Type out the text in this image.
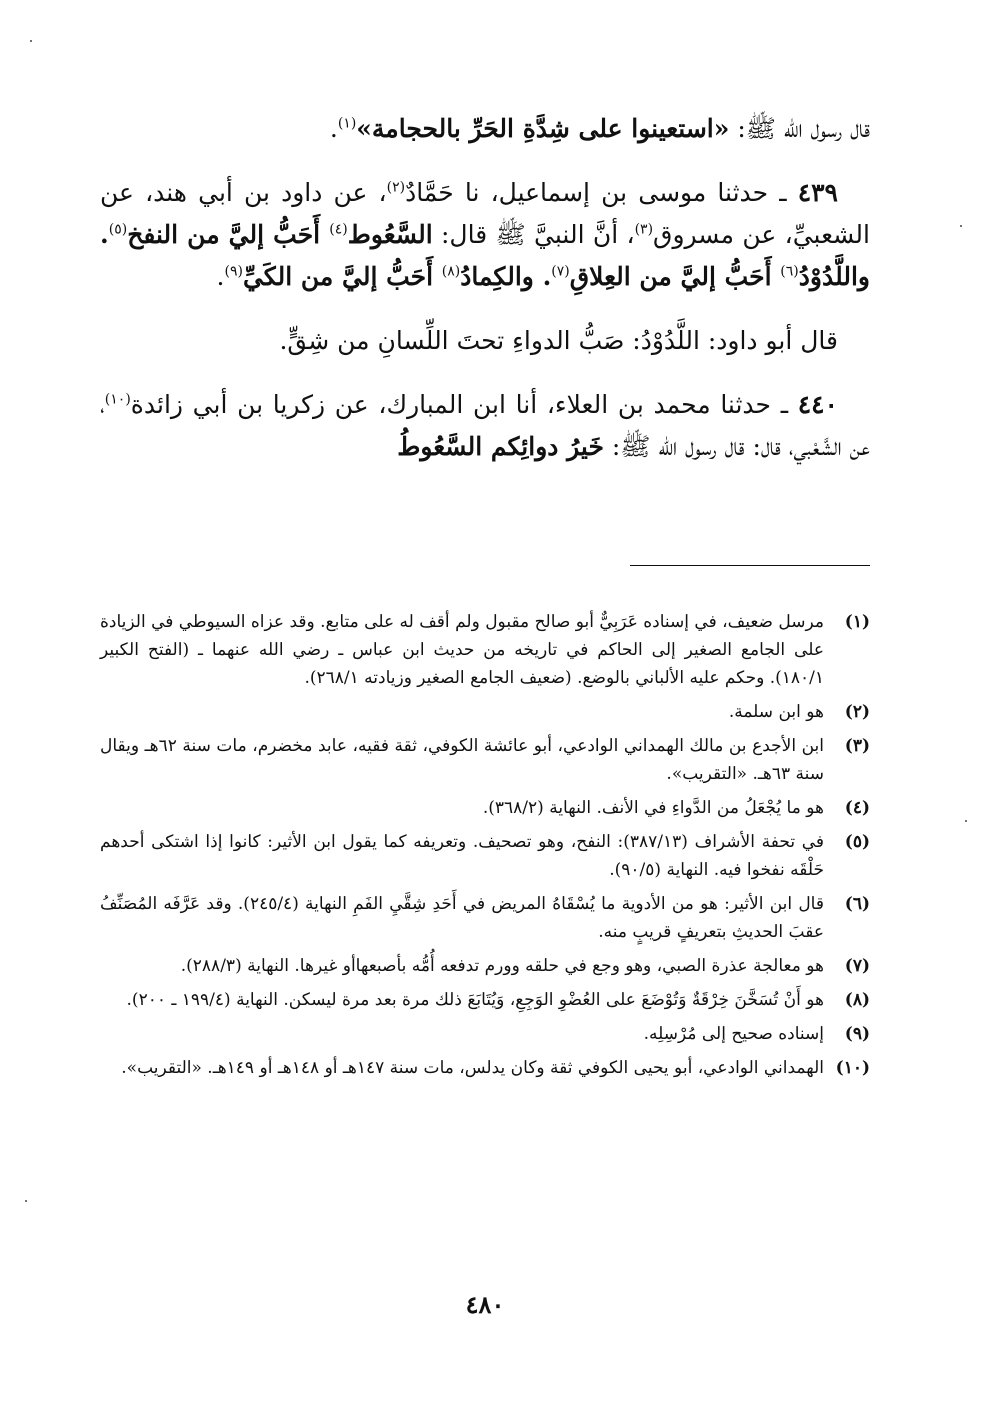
قال رسول الله ﷺ: «استعينوا على شِدَّةِ الحَرِّ بالحجامة»$^{(١)}$.

٤٣٩ ـ حدثنا موسى بن إسماعيل، نا حَمَّادٌ$^{(٢)}$، عن داود بن أبي هند، عن الشعبيِّ، عن مسروق$^{(٣)}$، أنَّ النبيَّ ﷺ قال: السَّعُوط$^{(٤)}$ أَحَبُّ إليَّ من النفخ$^{(٥)}$. واللَّدُوْدُ$^{(٦)}$ أَحَبُّ إليَّ من العِلاقِ$^{(٧)}$. والكِمادُ$^{(٨)}$ أَحَبُّ إليَّ من الكَيِّ$^{(٩)}$.

قال أبو داود: اللَّدُوْدُ: صَبُّ الدواءِ تحتَ اللِّسانِ من شِقٍّ.

٤٤٠ ـ حدثنا محمد بن العلاء، أنا ابن المبارك، عن زكريا بن أبي زائدة$^{(١٠)}$، عن الشَّعْبي، قال: قال رسول الله ﷺ: خَيرُ دوائِكم السَّعُوطُ

(١)
مرسل ضعيف، في إسناده عَرَبِيٌّ أبو صالح مقبول ولم أقف له على متابع. وقد عزاه السيوطي في الزيادة على الجامع الصغير إلى الحاكم في تاريخه من حديث ابن عباس ـ رضي الله عنهما ـ (الفتح الكبير ١٨٠/١). وحكم عليه الألباني بالوضع. (ضعيف الجامع الصغير وزيادته ٢٦٨/١).
(٢)
هو ابن سلمة.
(٣)
ابن الأجدع بن مالك الهمداني الوادعي، أبو عائشة الكوفي، ثقة فقيه، عابد مخضرم، مات سنة ٦٢هـ ويقال سنة ٦٣هـ. «التقريب».
(٤)
هو ما يُجْعَلُ من الدَّواءِ في الأنف. النهاية (٣٦٨/٢).
(٥)
في تحفة الأشراف (٣٨٧/١٣): النفح، وهو تصحيف. وتعريفه كما يقول ابن الأثير: كانوا إذا اشتكى أحدهم حَلْقَه نفخوا فيه. النهاية (٩٠/٥).
(٦)
قال ابن الأثير: هو من الأدوية ما يُسْقَاهُ المريض في أَحَدِ شِقَّيِ الفَمِ النهاية (٢٤٥/٤). وقد عَرَّفَه المُصَنِّفُ عقبَ الحديثِ بتعريفٍ قريبٍ منه.
(٧)
هو معالجة عذرة الصبي، وهو وجع في حلقه وورم تدفعه أُمُّه بأصبعهاأو غيرها. النهاية (٢٨٨/٣).
(٨)
هو أَنْ تُسَخَّنَ خِرْقَةٌ وَتُوْضَعَ على العُضْوِ الوَجِعِ، وَيُتَابَعَ ذلك مرة بعد مرة ليسكن. النهاية (١٩٩/٤ ـ ٢٠٠).
(٩)
إسناده صحيح إلى مُرْسِلِه.
(١٠)
الهمداني الوادعي، أبو يحيى الكوفي ثقة وكان يدلس، مات سنة ١٤٧هـ أو ١٤٨هـ أو ١٤٩هـ. «التقريب».
٤٨٠
